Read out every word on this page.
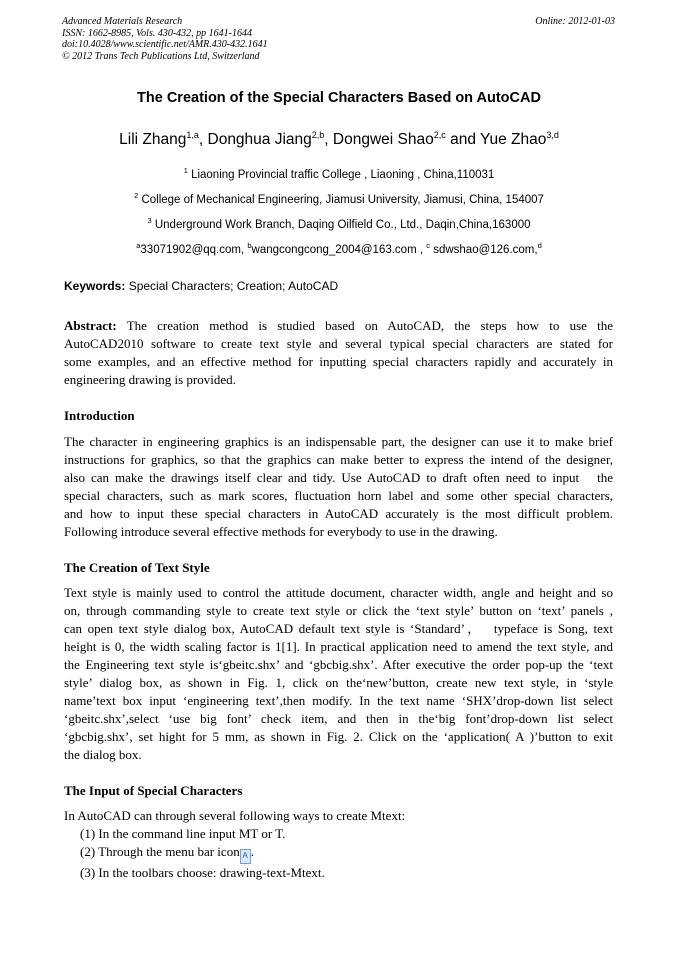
Advanced Materials Research
ISSN: 1662-8985, Vols. 430-432, pp 1641-1644
doi:10.4028/www.scientific.net/AMR.430-432.1641
© 2012 Trans Tech Publications Ltd, Switzerland
Online: 2012-01-03
The Creation of the Special Characters Based on AutoCAD
Lili Zhang$^{1,a}$, Donghua Jiang$^{2,b}$, Dongwei Shao$^{2,c}$ and Yue Zhao$^{3,d}$
$^1$ Liaoning Provincial traffic College , Liaoning , China,110031
$^2$ College of Mechanical Engineering, Jiamusi University, Jiamusi, China, 154007
$^3$ Underground Work Branch, Daqing Oilfield Co., Ltd., Daqin,China,163000
$^a$33071902@qq.com, $^b$wangcongcong_2004@163.com , $^c$ sdwshao@126.com,$^d$
Keywords: Special Characters; Creation; AutoCAD
Abstract: The creation method is studied based on AutoCAD, the steps how to use the
AutoCAD2010 software to create text style and several typical special characters are stated for
some examples, and an effective method for inputting special characters rapidly and accurately in
engineering drawing is provided.
Introduction
The character in engineering graphics is an indispensable part, the designer can use it to make brief
instructions for graphics, so that the graphics can make better to express the intend of the designer,
also can make the drawings itself clear and tidy. Use AutoCAD to draft often need to input   the
special characters, such as mark scores, fluctuation horn label and some other special characters,
and how to input these special characters in AutoCAD accurately is the most difficult problem.
Following introduce several effective methods for everybody to use in the drawing.
The Creation of Text Style
Text style is mainly used to control the attitude document, character width, angle and height and so
on, through commanding style to create text style or click the ‘text style’ button on ‘text’ panels ,
can open text style dialog box, AutoCAD default text style is ‘Standard’，  typeface is Song, text
height is 0, the width scaling factor is 1[1]. In practical application need to amend the text style, and
the Engineering text style is‘gbeitc.shx’ and ‘gbcbig.shx’. After executive the order pop-up the ‘text
style’ dialog box, as shown in Fig. 1, click on the‘new’button, create new text style, in ‘style
name’text box input ‘engineering text’,then modify. In the text name ‘SHX’drop-down list select
‘gbeitc.shx’,select ‘use big font’ check item, and then in the‘big font’drop-down list select
‘gbcbig.shx’, set hight for 5 mm, as shown in Fig. 2. Click on the ‘application( A )’button to exit
the dialog box.
The Input of Special Characters
In AutoCAD can through several following ways to create Mtext:
(1) In the command line input MT or T.
(2) Through the menu bar icon A .
(3) In the toolbars choose: drawing-text-Mtext.
